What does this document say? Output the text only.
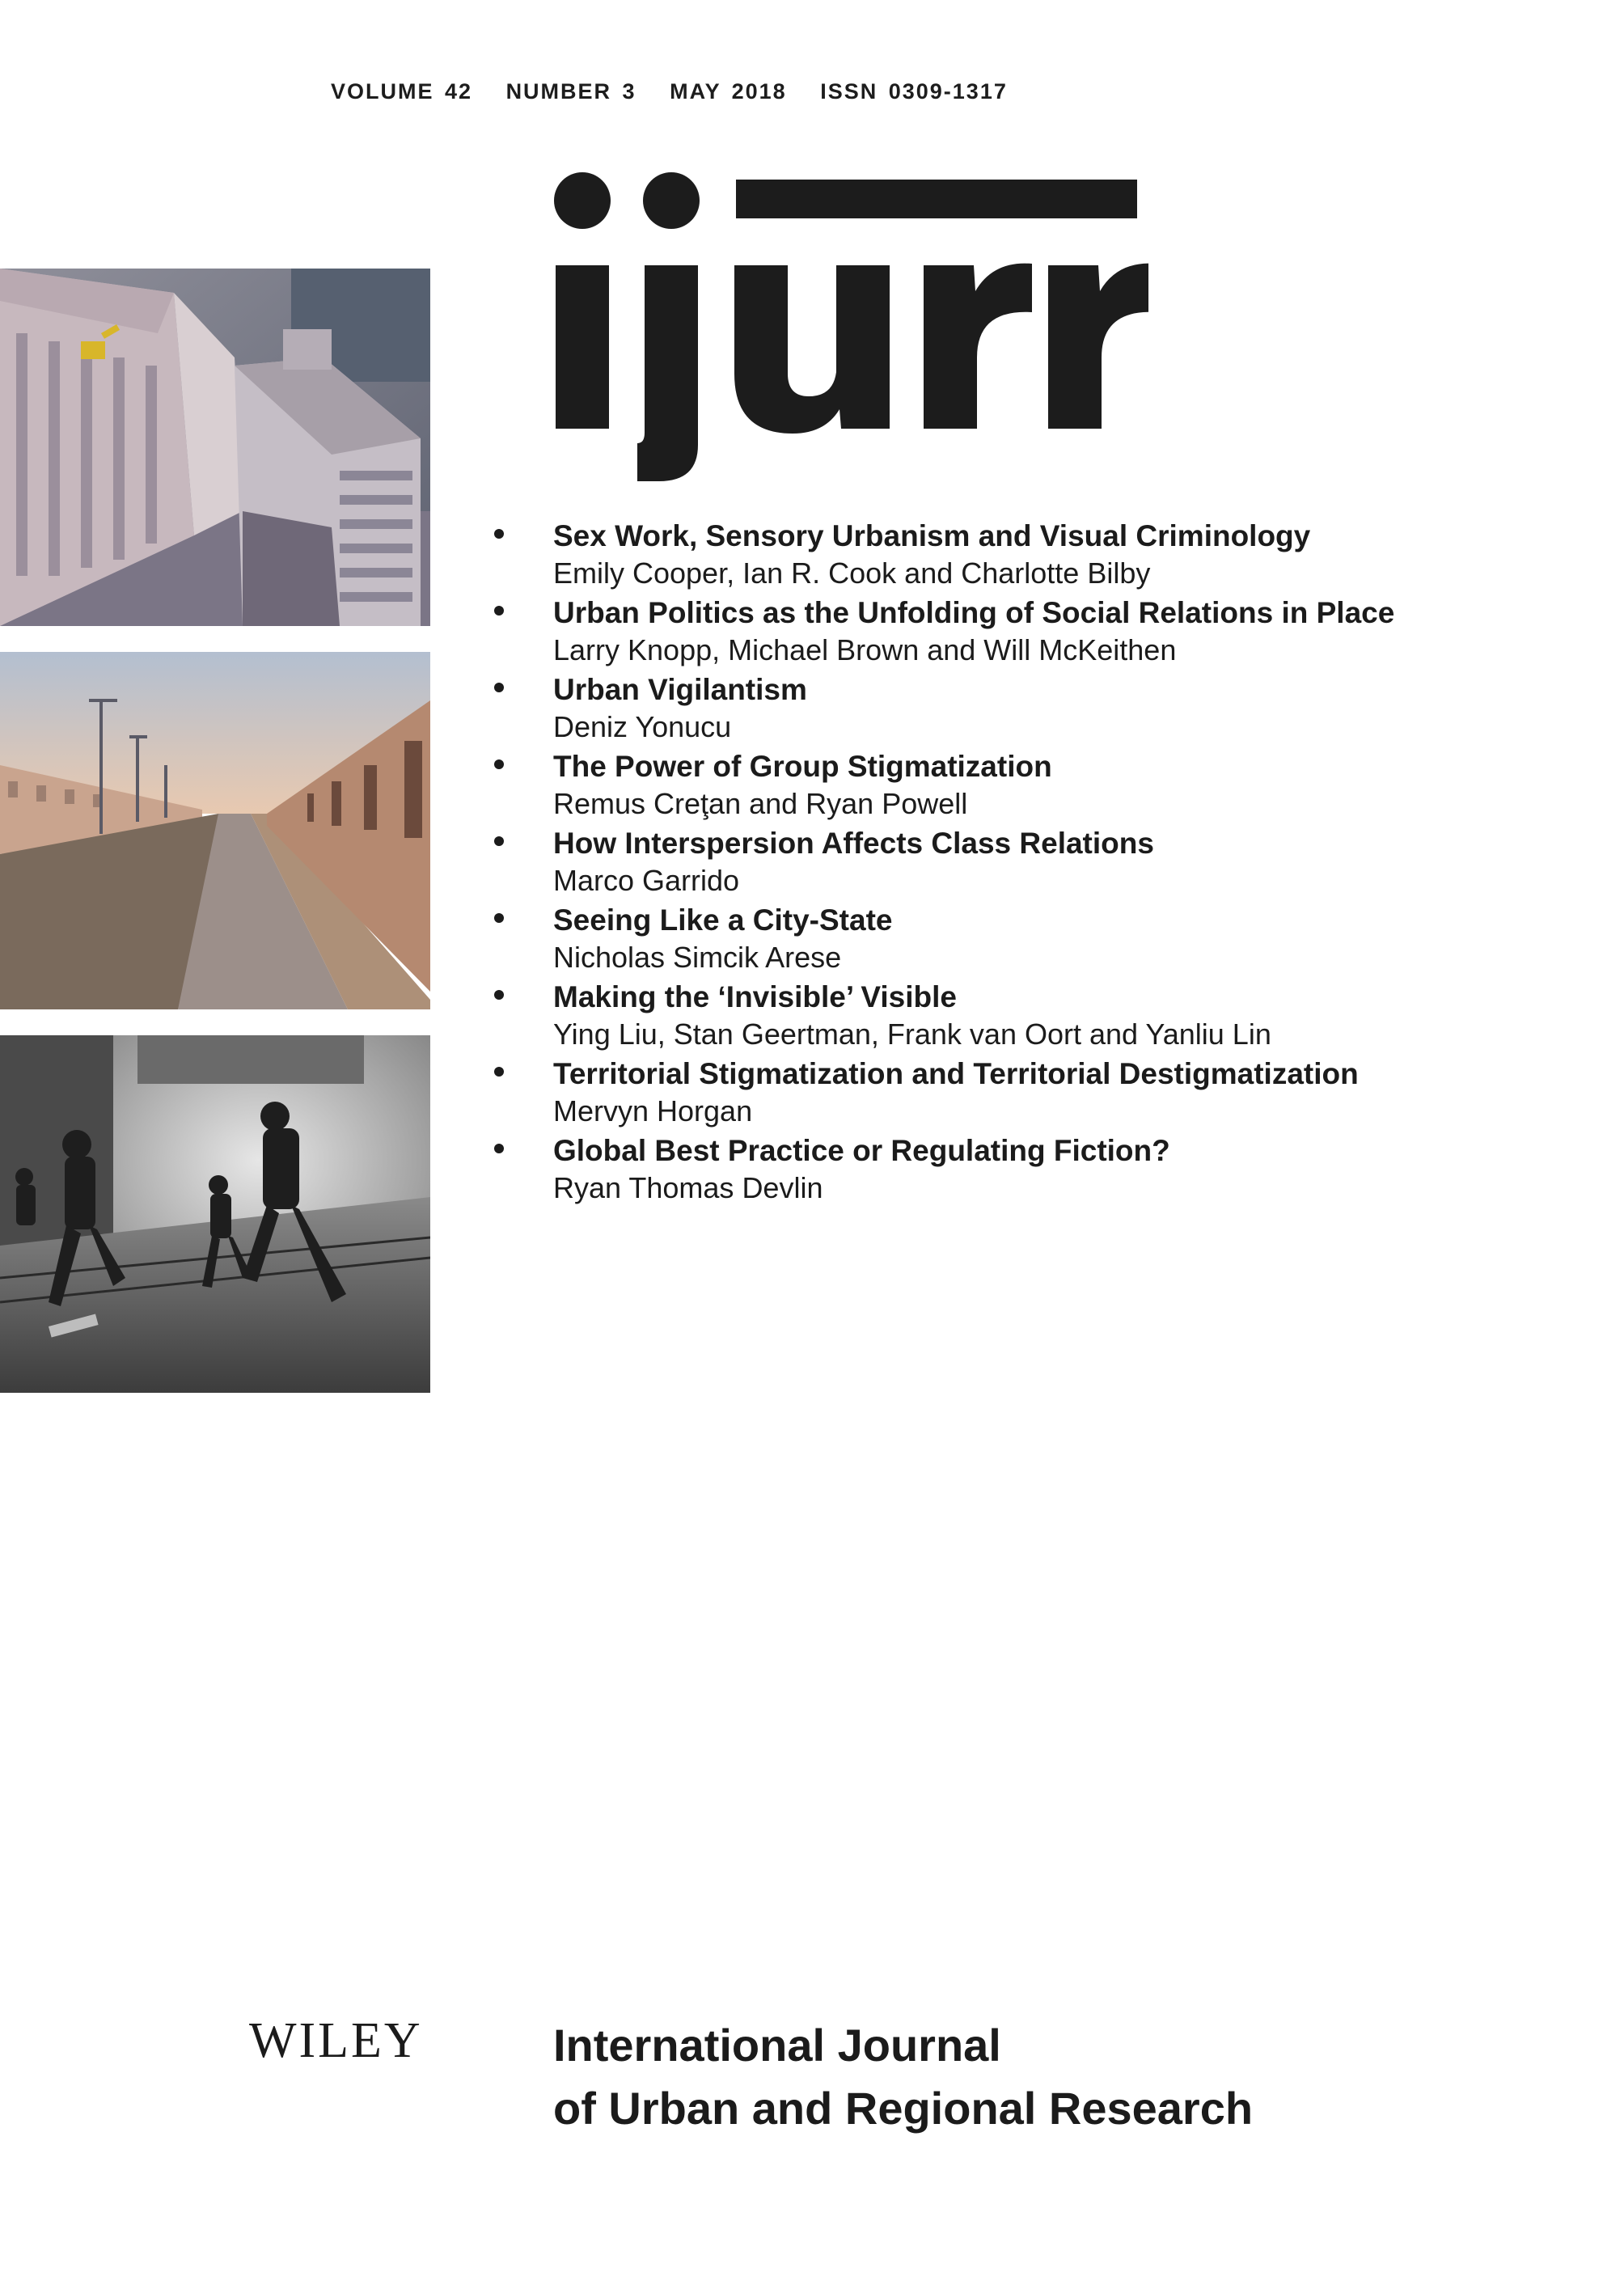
VOLUME 42 NUMBER 3 MAY 2018 ISSN 0309-1317
Sex Work, Sensory Urbanism and Visual Criminology
Emily Cooper, Ian R. Cook and Charlotte Bilby
Urban Politics as the Unfolding of Social Relations in Place
Larry Knopp, Michael Brown and Will McKeithen
Urban Vigilantism
Deniz Yonucu
The Power of Group Stigmatization
Remus Creţan and Ryan Powell
How Interspersion Affects Class Relations
Marco Garrido
Seeing Like a City-State
Nicholas Simcik Arese
Making the ‘Invisible’ Visible
Ying Liu, Stan Geertman, Frank van Oort and Yanliu Lin
Territorial Stigmatization and Territorial Destigmatization
Mervyn Horgan
Global Best Practice or Regulating Fiction?
Ryan Thomas Devlin
WILEY	International Journal
of Urban and Regional Research
